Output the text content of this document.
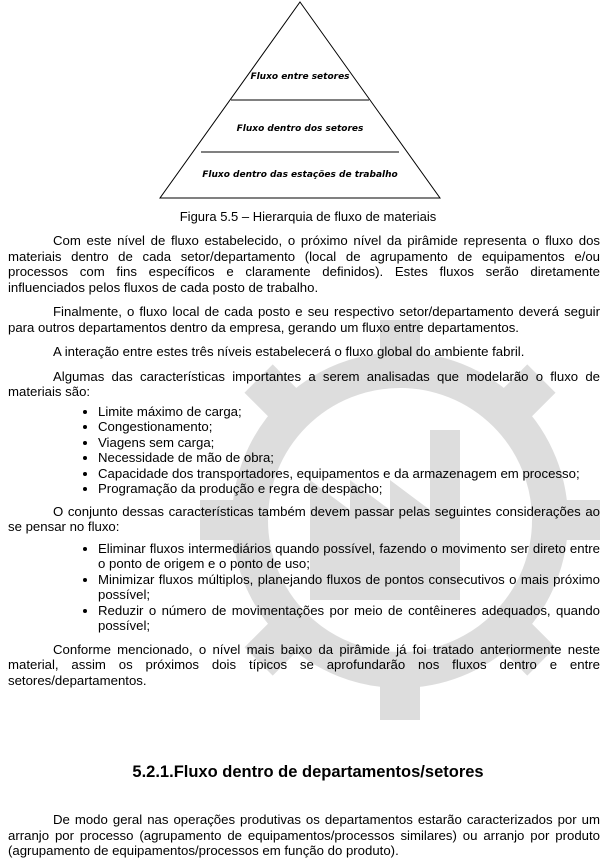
Fluxo entre setores
Fluxo dentro dos setores
Fluxo dentro das estações de trabalho
Figura 5.5 – Hierarquia de fluxo de materiais

Com este nível de fluxo estabelecido, o próximo nível da pirâmide representa o fluxo dos materiais dentro de cada setor/departamento (local de agrupamento de equipamentos e/ou processos com fins específicos e claramente definidos). Estes fluxos serão diretamente influenciados pelos fluxos de cada posto de trabalho.

Finalmente, o fluxo local de cada posto e seu respectivo setor/departamento deverá seguir para outros departamentos dentro da empresa, gerando um fluxo entre departamentos.

A interação entre estes três níveis estabelecerá o fluxo global do ambiente fabril.

Algumas das características importantes a serem analisadas que modelarão o fluxo de materiais são:

• Limite máximo de carga;
• Congestionamento;
• Viagens sem carga;
• Necessidade de mão de obra;
• Capacidade dos transportadores, equipamentos e da armazenagem em processo;
• Programação da produção e regra de despacho;

O conjunto dessas características também devem passar pelas seguintes considerações ao se pensar no fluxo:

• Eliminar fluxos intermediários quando possível, fazendo o movimento ser direto entre o ponto de origem e o ponto de uso;
• Minimizar fluxos múltiplos, planejando fluxos de pontos consecutivos o mais próximo possível;
• Reduzir o número de movimentações por meio de contêineres adequados, quando possível;

Conforme mencionado, o nível mais baixo da pirâmide já foi tratado anteriormente neste material, assim os próximos dois típicos se aprofundarão nos fluxos dentro e entre setores/departamentos.

5.2.1.Fluxo dentro de departamentos/setores

De modo geral nas operações produtivas os departamentos estarão caracterizados por um arranjo por processo (agrupamento de equipamentos/processos similares) ou arranjo por produto (agrupamento de equipamentos/processos em função do produto).
